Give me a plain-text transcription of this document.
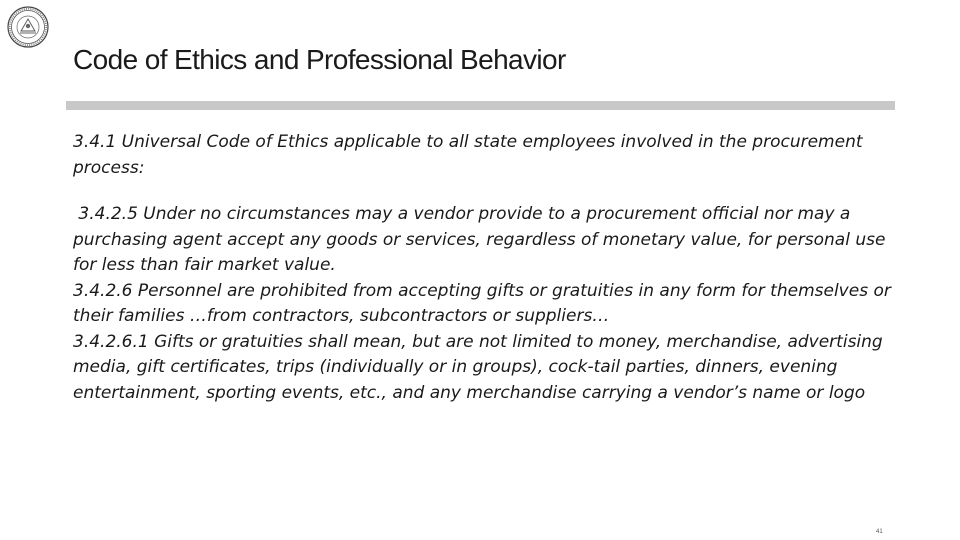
Code of Ethics and Professional Behavior

3.4.1 Universal Code of Ethics applicable to all state employees involved in the procurement process:

3.4.2.5 Under no circumstances may a vendor provide to a procurement official nor may a purchasing agent accept any goods or services, regardless of monetary value, for personal use for less than fair market value.

3.4.2.6 Personnel are prohibited from accepting gifts or gratuities in any form for themselves or their families …from contractors, subcontractors or suppliers…

3.4.2.6.1 Gifts or gratuities shall mean, but are not limited to money, merchandise, advertising media, gift certificates, trips (individually or in groups), cock-tail parties, dinners, evening entertainment, sporting events, etc., and any merchandise carrying a vendor’s name or logo

41
